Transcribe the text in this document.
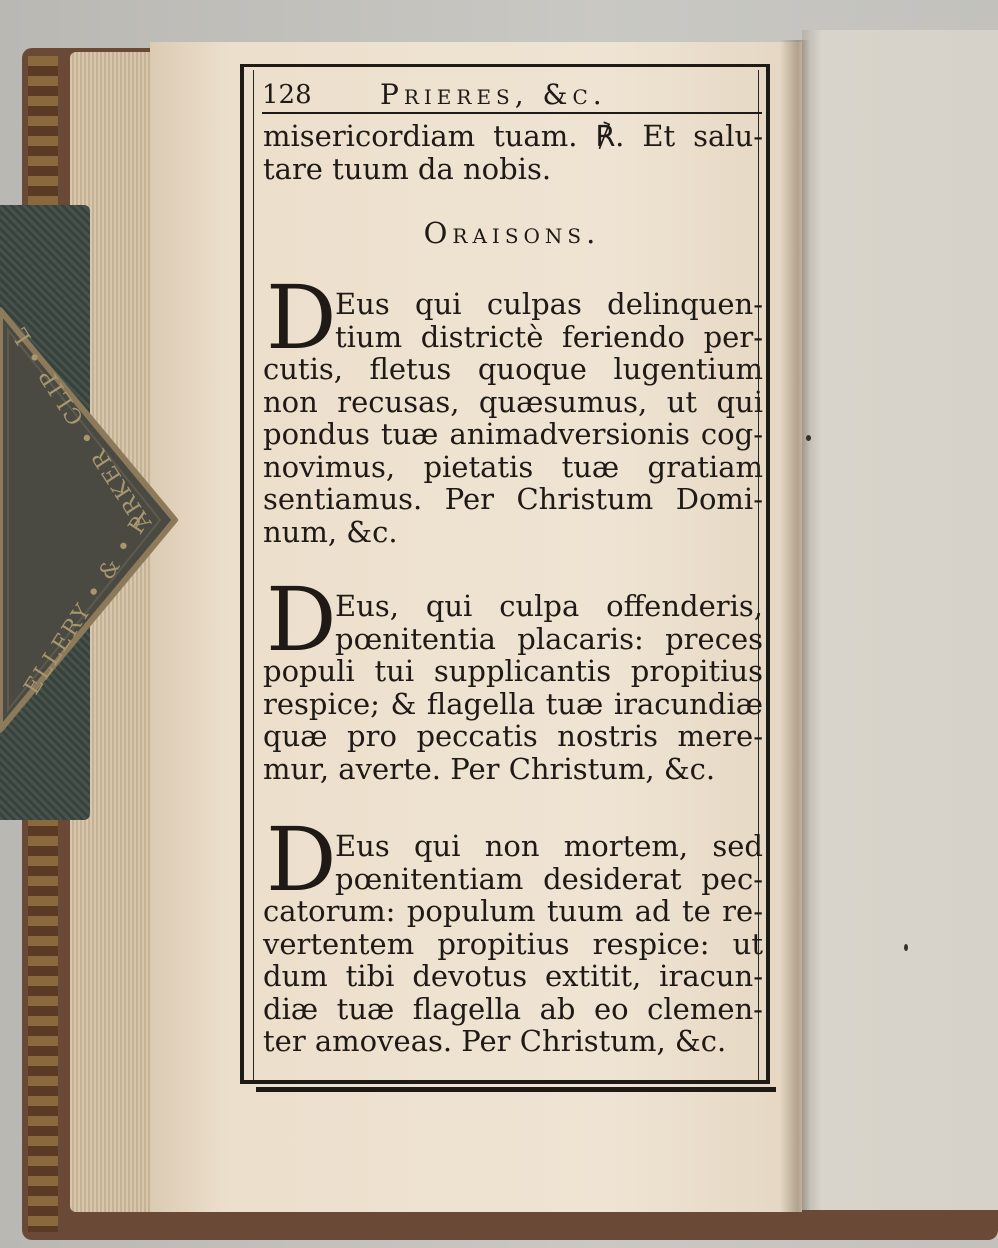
ELLERY • & • PARKER • CLIP • L
128 Prieres, &c.
misericordiam tuam. ℟. Et salu-
tare tuum da nobis.
Oraisons.
D
Eus qui culpas delinquen-
tium districtè feriendo per-
cutis, fletus quoque lugentium
non recusas, quæsumus, ut qui
pondus tuæ animadversionis cog-
novimus, pietatis tuæ gratiam
sentiamus. Per Christum Domi-
num, &c.
D
Eus, qui culpa offenderis,
pœnitentia placaris: preces
populi tui supplicantis propitius
respice; & flagella tuæ iracundiæ
quæ pro peccatis nostris mere-
mur, averte. Per Christum, &c.
D
Eus qui non mortem, sed
pœnitentiam desiderat pec-
catorum: populum tuum ad te re-
vertentem propitius respice: ut
dum tibi devotus extitit, iracun-
diæ tuæ flagella ab eo clemen-
ter amoveas. Per Christum, &c.
